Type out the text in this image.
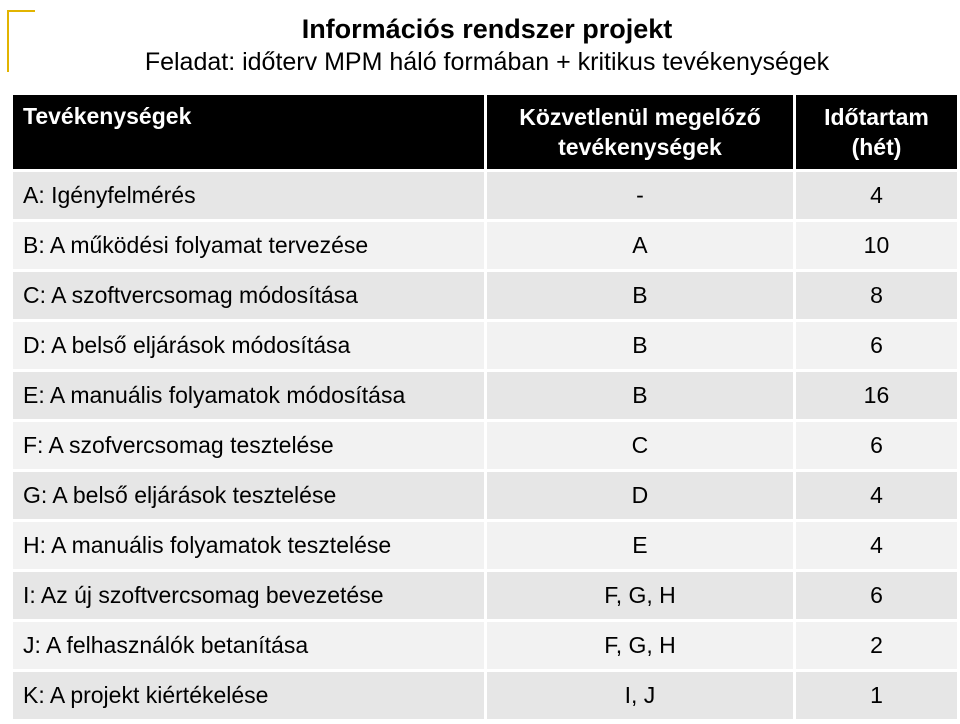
Információs rendszer projekt

Feladat: időterv MPM háló formában + kritikus tevékenységek

Tevékenységek	Közvetlenül megelőző tevékenységek	Időtartam (hét)
A: Igényfelmérés	-	4
B: A működési folyamat tervezése	A	10
C: A szoftvercsomag módosítása	B	8
D: A belső eljárások módosítása	B	6
E: A manuális folyamatok módosítása	B	16
F: A szofvercsomag tesztelése	C	6
G: A belső eljárások tesztelése	D	4
H: A manuális folyamatok tesztelése	E	4
I: Az új szoftvercsomag bevezetése	F, G, H	6
J: A felhasználók betanítása	F, G, H	2
K: A projekt kiértékelése	I, J	1
